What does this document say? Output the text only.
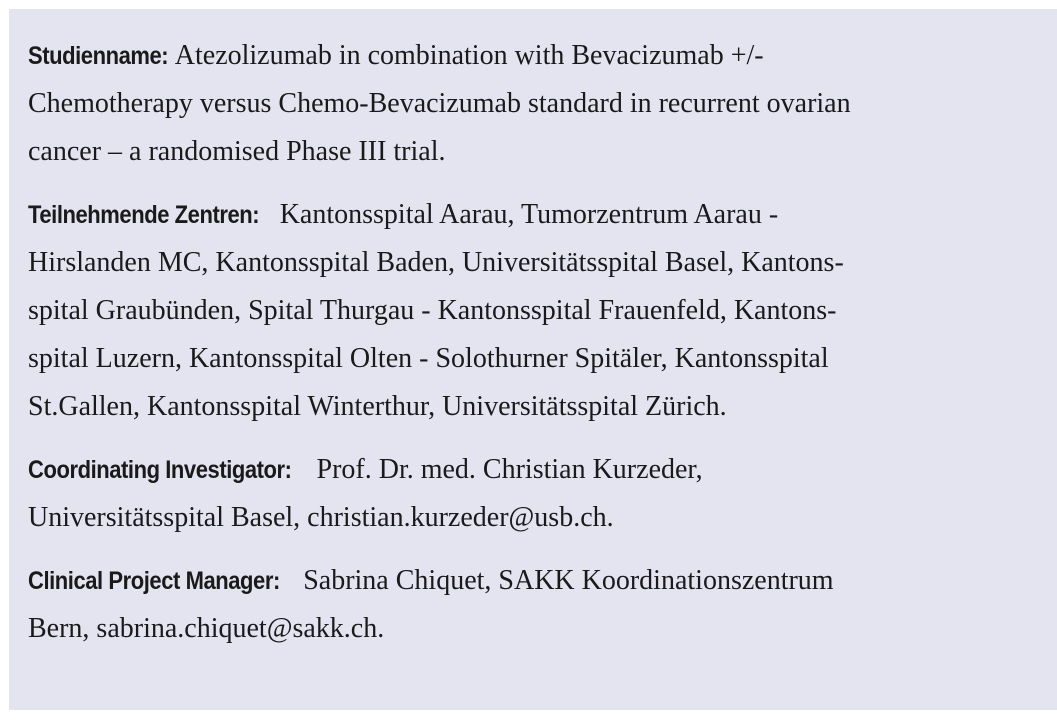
Studienname: Atezolizumab in combination with Bevacizumab +/-
Chemotherapy versus Chemo-Bevacizumab standard in recurrent ovarian
cancer – a randomised Phase III trial.

Teilnehmende Zentren: Kantonsspital Aarau, Tumorzentrum Aarau -
Hirslanden MC, Kantonsspital Baden, Universitätsspital Basel, Kantons-
spital Graubünden, Spital Thurgau - Kantonsspital Frauenfeld, Kantons-
spital Luzern, Kantonsspital Olten - Solothurner Spitäler, Kantonsspital
St.Gallen, Kantonsspital Winterthur, Universitätsspital Zürich.

Coordinating Investigator: Prof. Dr. med. Christian Kurzeder,
Universitätsspital Basel, christian.kurzeder@usb.ch.

Clinical Project Manager: Sabrina Chiquet, SAKK Koordinationszentrum
Bern, sabrina.chiquet@sakk.ch.
